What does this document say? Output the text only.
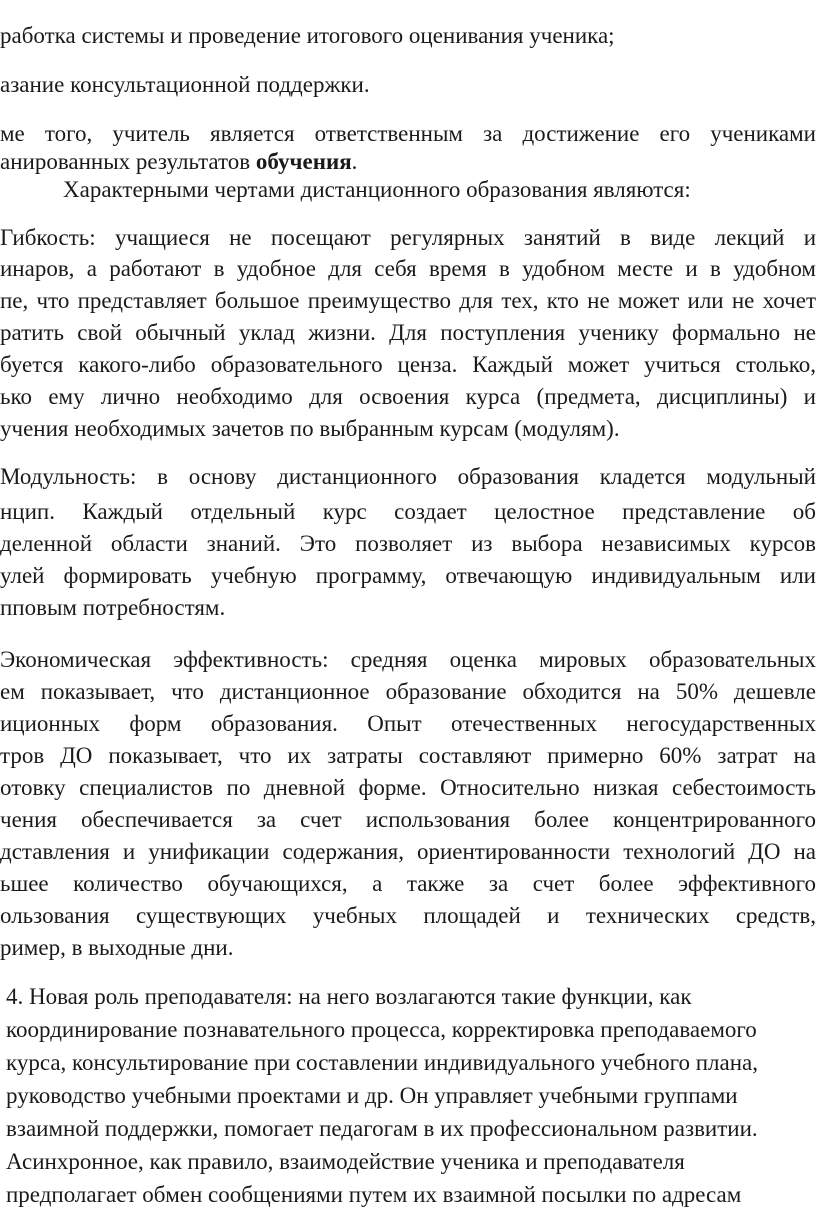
работка системы и проведение итогового оценивания ученика;
азание консультационной поддержки.
ме того, учитель является ответственным за достижение его учениками
анированных результатов обучения.
Характерными чертами дистанционного образования являются:
Гибкость: учащиеся не посещают регулярных занятий в виде лекций и
инаров, а работают в удобное для себя время в удобном месте и в удобном
пе, что представляет большое преимущество для тех, кто не может или не хочет
ратить свой обычный уклад жизни. Для поступления ученику формально не
буется какого-либо образовательного ценза. Каждый может учиться столько,
ько ему лично необходимо для освоения курса (предмета, дисциплины) и
учения необходимых зачетов по выбранным курсам (модулям).
Модульность: в основу дистанционного образования кладется модульный
нцип. Каждый отдельный курс создает целостное представление об
деленной области знаний. Это позволяет из выбора независимых курсов
улей формировать учебную программу, отвечающую индивидуальным или
пповым потребностям.
Экономическая эффективность: средняя оценка мировых образовательных
ем показывает, что дистанционное образование обходится на 50% дешевле
иционных форм образования. Опыт отечественных негосударственных
тров ДО показывает, что их затраты составляют примерно 60% затрат на
отовку специалистов по дневной форме. Относительно низкая себестоимость
чения обеспечивается за счет использования более концентрированного
дставления и унификации содержания, ориентированности технологий ДО на
ьшее количество обучающихся, а также за счет более эффективного
ользования существующих учебных площадей и технических средств,
ример, в выходные дни.
4. Новая роль преподавателя: на него возлагаются такие функции, как
координирование познавательного процесса, корректировка преподаваемого
курса, консультирование при составлении индивидуального учебного плана,
руководство учебными проектами и др. Он управляет учебными группами
взаимной поддержки, помогает педагогам в их профессиональном развитии.
Асинхронное, как правило, взаимодействие ученика и преподавателя
предполагает обмен сообщениями путем их взаимной посылки по адресам
